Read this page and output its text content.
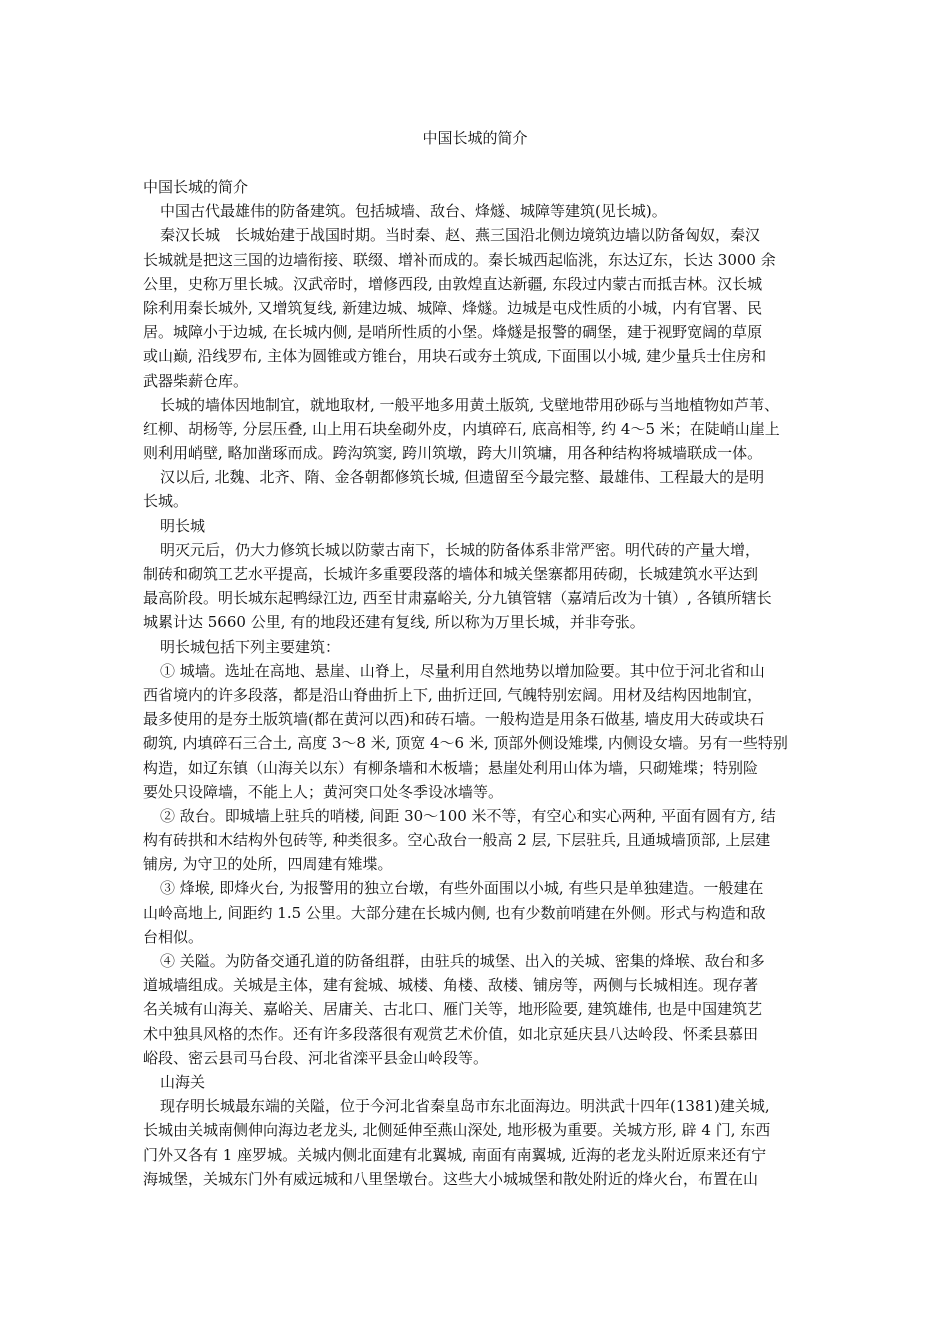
中国长城的简介
中国长城的简介
中国古代最雄伟的防备建筑。包括城墙、敌台、烽燧、城障等建筑(见长城)。
秦汉长城　长城始建于战国时期。当时秦、赵、燕三国沿北侧边境筑边墙以防备匈奴，秦汉
长城就是把这三国的边墙衔接、联缀、增补而成的。秦长城西起临洮，东达辽东，长达 3000 余
公里，史称万里长城。汉武帝时，增修西段, 由敦煌直达新疆, 东段过内蒙古而抵吉林。汉长城
除利用秦长城外, 又增筑复线, 新建边城、城障、烽燧。边城是屯戍性质的小城，内有官署、民
居。城障小于边城, 在长城内侧, 是哨所性质的小堡。烽燧是报警的碉堡，建于视野宽阔的草原
或山巅, 沿线罗布, 主体为圆锥或方锥台，用块石或夯土筑成, 下面围以小城, 建少量兵士住房和
武器柴薪仓库。
长城的墙体因地制宜，就地取材, 一般平地多用黄土版筑, 戈壁地带用砂砾与当地植物如芦苇、
红柳、胡杨等, 分层压叠, 山上用石块垒砌外皮，内填碎石, 底高相等, 约 4～5 米；在陡峭山崖上
则利用峭壁, 略加凿琢而成。跨沟筑窦, 跨川筑墩，跨大川筑墉，用各种结构将城墙联成一体。
汉以后, 北魏、北齐、隋、金各朝都修筑长城, 但遗留至今最完整、最雄伟、工程最大的是明
长城。
明长城
明灭元后，仍大力修筑长城以防蒙古南下，长城的防备体系非常严密。明代砖的产量大增，
制砖和砌筑工艺水平提高，长城许多重要段落的墙体和城关堡寨都用砖砌，长城建筑水平达到
最高阶段。明长城东起鸭绿江边, 西至甘肃嘉峪关, 分九镇管辖（嘉靖后改为十镇）, 各镇所辖长
城累计达 5660 公里, 有的地段还建有复线, 所以称为万里长城，并非夸张。
明长城包括下列主要建筑：
① 城墙。选址在高地、悬崖、山脊上，尽量利用自然地势以增加险要。其中位于河北省和山
西省境内的许多段落，都是沿山脊曲折上下, 曲折迂回, 气魄特别宏阔。用材及结构因地制宜，
最多使用的是夯土版筑墙(都在黄河以西)和砖石墙。一般构造是用条石做基, 墙皮用大砖或块石
砌筑, 内填碎石三合土, 高度 3～8 米, 顶宽 4～6 米, 顶部外侧设雉堞, 内侧设女墙。另有一些特别
构造，如辽东镇（山海关以东）有柳条墙和木板墙；悬崖处利用山体为墙，只砌雉堞；特别险
要处只设障墙，不能上人；黄河突口处冬季设冰墙等。
② 敌台。即城墙上驻兵的哨楼, 间距 30～100 米不等，有空心和实心两种, 平面有圆有方, 结
构有砖拱和木结构外包砖等, 种类很多。空心敌台一般高 2 层, 下层驻兵, 且通城墙顶部, 上层建
铺房, 为守卫的处所，四周建有雉堞。
③ 烽堠, 即烽火台, 为报警用的独立台墩，有些外面围以小城, 有些只是单独建造。一般建在
山岭高地上, 间距约 1.5 公里。大部分建在长城内侧, 也有少数前哨建在外侧。形式与构造和敌
台相似。
④ 关隘。为防备交通孔道的防备组群，由驻兵的城堡、出入的关城、密集的烽堠、敌台和多
道城墙组成。关城是主体，建有瓮城、城楼、角楼、敌楼、铺房等，两侧与长城相连。现存著
名关城有山海关、嘉峪关、居庸关、古北口、雁门关等，地形险要, 建筑雄伟, 也是中国建筑艺
术中独具风格的杰作。还有许多段落很有观赏艺术价值，如北京延庆县八达岭段、怀柔县慕田
峪段、密云县司马台段、河北省滦平县金山岭段等。
山海关
现存明长城最东端的关隘，位于今河北省秦皇岛市东北面海边。明洪武十四年(1381)建关城,
长城由关城南侧伸向海边老龙头, 北侧延伸至燕山深处, 地形极为重要。关城方形, 辟 4 门, 东西
门外又各有 1 座罗城。关城内侧北面建有北翼城, 南面有南翼城, 近海的老龙头附近原来还有宁
海城堡，关城东门外有威远城和八里堡墩台。这些大小城城堡和散处附近的烽火台，布置在山
